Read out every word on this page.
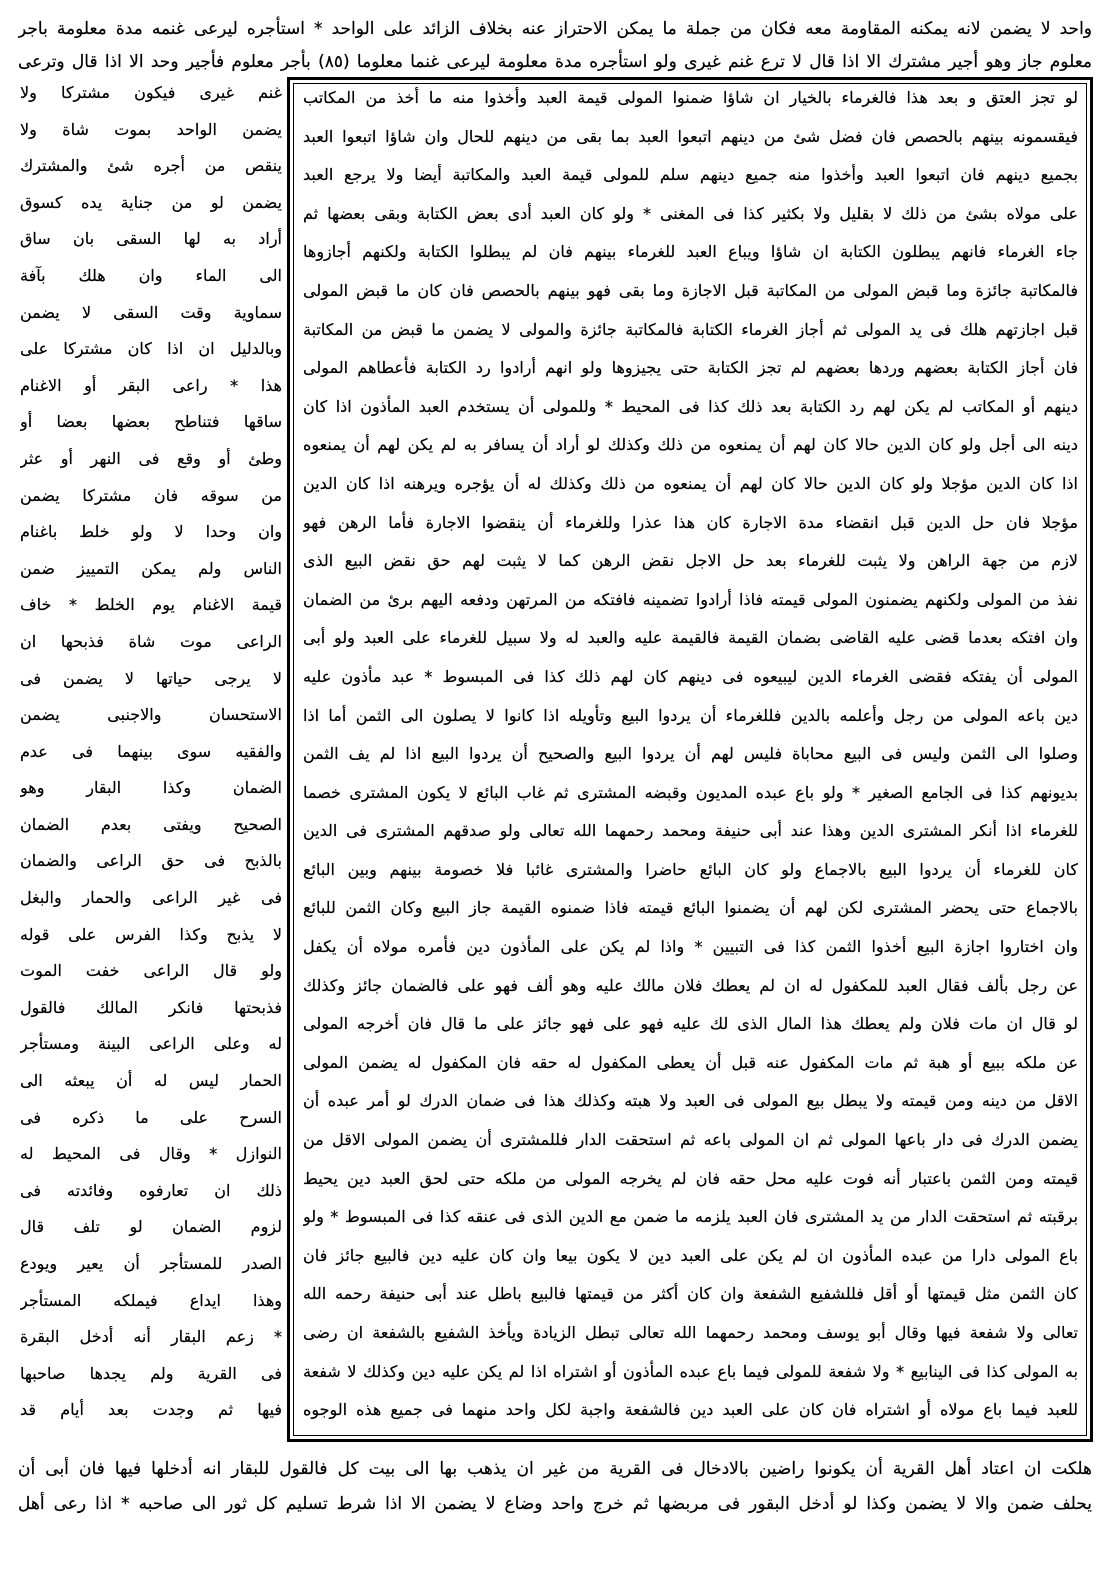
واحد لا يضمن لانه يمكنه المقاومة معه فكان من جملة ما يمكن الاحتراز عنه بخلاف الزائد على الواحد * استأجره ليرعى غنمه مدة معلومة باجر
معلوم جاز وهو أجير مشترك الا اذا قال لا ترع غنم غيرى ولو استأجره مدة معلومة ليرعى غنما معلوما (٨٥) بأجر معلوم فأجير وحد الا اذا قال وترعى
لو تجز العتق و بعد هذا فالغرماء بالخيار ان شاؤا ضمنوا المولى قيمة العبد وأخذوا منه ما أخذ من المكاتب
فيقسمونه بينهم بالحصص فان فضل شئ من دينهم اتبعوا العبد بما بقى من دينهم للحال وان شاؤا اتبعوا العبد
بجميع دينهم فان اتبعوا العبد وأخذوا منه جميع دينهم سلم للمولى قيمة العبد والمكاتبة أيضا ولا يرجع العبد
على مولاه بشئ من ذلك لا بقليل ولا بكثير كذا فى المغنى * ولو كان العبد أدى بعض الكتابة وبقى بعضها ثم
جاء الغرماء فانهم يبطلون الكتابة ان شاؤا ويباع العبد للغرماء بينهم فان لم يبطلوا الكتابة ولكنهم أجازوها
فالمكاتبة جائزة وما قبض المولى من المكاتبة قبل الاجازة وما بقى فهو بينهم بالحصص فان كان ما قبض المولى
قبل اجازتهم هلك فى يد المولى ثم أجاز الغرماء الكتابة فالمكاتبة جائزة والمولى لا يضمن ما قبض من المكاتبة
فان أجاز الكتابة بعضهم وردها بعضهم لم تجز الكتابة حتى يجيزوها ولو انهم أرادوا رد الكتابة فأعطاهم المولى
دينهم أو المكاتب لم يكن لهم رد الكتابة بعد ذلك كذا فى المحيط * وللمولى أن يستخدم العبد المأذون اذا كان
دينه الى أجل ولو كان الدين حالا كان لهم أن يمنعوه من ذلك وكذلك لو أراد أن يسافر به لم يكن لهم أن يمنعوه
اذا كان الدين مؤجلا ولو كان الدين حالا كان لهم أن يمنعوه من ذلك وكذلك له أن يؤجره ويرهنه اذا كان الدين
مؤجلا فان حل الدين قبل انقضاء مدة الاجارة كان هذا عذرا وللغرماء أن ينقضوا الاجارة فأما الرهن فهو
لازم من جهة الراهن ولا يثبت للغرماء بعد حل الاجل نقض الرهن كما لا يثبت لهم حق نقض البيع الذى
نفذ من المولى ولكنهم يضمنون المولى قيمته فاذا أرادوا تضمينه فافتكه من المرتهن ودفعه اليهم برئ من الضمان
وان افتكه بعدما قضى عليه القاضى بضمان القيمة فالقيمة عليه والعبد له ولا سبيل للغرماء على العبد ولو أبى
المولى أن يفتكه فقضى الغرماء الدين ليبيعوه فى دينهم كان لهم ذلك كذا فى المبسوط * عبد مأذون عليه
دين باعه المولى من رجل وأعلمه بالدين فللغرماء أن يردوا البيع وتأويله اذا كانوا لا يصلون الى الثمن أما اذا
وصلوا الى الثمن وليس فى البيع محاباة فليس لهم أن يردوا البيع والصحيح أن يردوا البيع اذا لم يف الثمن
بديونهم كذا فى الجامع الصغير * ولو باع عبده المديون وقبضه المشترى ثم غاب البائع لا يكون المشترى خصما
للغرماء اذا أنكر المشترى الدين وهذا عند أبى حنيفة ومحمد رحمهما الله تعالى ولو صدقهم المشترى فى الدين
كان للغرماء أن يردوا البيع بالاجماع ولو كان البائع حاضرا والمشترى غائبا فلا خصومة بينهم وبين البائع
بالاجماع حتى يحضر المشترى لكن لهم أن يضمنوا البائع قيمته فاذا ضمنوه القيمة جاز البيع وكان الثمن للبائع
وان اختاروا اجازة البيع أخذوا الثمن كذا فى التبيين * واذا لم يكن على المأذون دين فأمره مولاه أن يكفل
عن رجل بألف فقال العبد للمكفول له ان لم يعطك فلان مالك عليه وهو ألف فهو على فالضمان جائز وكذلك
لو قال ان مات فلان ولم يعطك هذا المال الذى لك عليه فهو على فهو جائز على ما قال فان أخرجه المولى
عن ملكه ببيع أو هبة ثم مات المكفول عنه قبل أن يعطى المكفول له حقه فان المكفول له يضمن المولى
الاقل من دينه ومن قيمته ولا يبطل بيع المولى فى العبد ولا هبته وكذلك هذا فى ضمان الدرك لو أمر عبده أن
يضمن الدرك فى دار باعها المولى ثم ان المولى باعه ثم استحقت الدار فللمشترى أن يضمن المولى الاقل من
قيمته ومن الثمن باعتبار أنه فوت عليه محل حقه فان لم يخرجه المولى من ملكه حتى لحق العبد دين يحيط
برقبته ثم استحقت الدار من يد المشترى فان العبد يلزمه ما ضمن مع الدين الذى فى عنقه كذا فى المبسوط * ولو
باع المولى دارا من عبده المأذون ان لم يكن على العبد دين لا يكون بيعا وان كان عليه دين فالبيع جائز فان
كان الثمن مثل قيمتها أو أقل فللشفيع الشفعة وان كان أكثر من قيمتها فالبيع باطل عند أبى حنيفة رحمه الله
تعالى ولا شفعة فيها وقال أبو يوسف ومحمد رحمهما الله تعالى تبطل الزيادة ويأخذ الشفيع بالشفعة ان رضى
به المولى كذا فى الينابيع * ولا شفعة للمولى فيما باع عبده المأذون أو اشتراه اذا لم يكن عليه دين وكذلك لا شفعة
للعبد فيما باع مولاه أو اشتراه فان كان على العبد دين فالشفعة واجبة لكل واحد منهما فى جميع هذه الوجوه
غنم غيرى فيكون مشتركا ولا
يضمن الواحد بموت شاة ولا
ينقص من أجره شئ والمشترك
يضمن لو من جناية يده كسوق
أراد به لها السقى بان ساق
الى الماء وان هلك بآفة
سماوية وقت السقى لا يضمن
وبالدليل ان اذا كان مشتركا على
هذا * راعى البقر أو الاغنام
ساقها فتناطح بعضها بعضا أو
وطئ أو وقع فى النهر أو عثر
من سوقه فان مشتركا يضمن
وان وحدا لا ولو خلط باغنام
الناس ولم يمكن التمييز ضمن
قيمة الاغنام يوم الخلط * خاف
الراعى موت شاة فذبحها ان
لا يرجى حياتها لا يضمن فى
الاستحسان والاجنبى يضمن
والفقيه سوى بينهما فى عدم
الضمان وكذا البقار وهو
الصحيح ويفتى بعدم الضمان
بالذبح فى حق الراعى والضمان
فى غير الراعى والحمار والبغل
لا يذبح وكذا الفرس على قوله
ولو قال الراعى خفت الموت
فذبحتها فانكر المالك فالقول
له وعلى الراعى البينة ومستأجر
الحمار ليس له أن يبعثه الى
السرح على ما ذكره فى
النوازل * وقال فى المحيط له
ذلك ان تعارفوه وفائدته فى
لزوم الضمان لو تلف قال
الصدر للمستأجر أن يعير ويودع
وهذا ايداع فيملكه المستأجر
* زعم البقار أنه أدخل البقرة
فى القرية ولم يجدها صاحبها
فيها ثم وجدت بعد أيام قد
هلكت ان اعتاد أهل القرية أن يكونوا راضين بالادخال فى القرية من غير ان يذهب بها الى بيت كل فالقول للبقار انه أدخلها فيها فان أبى أن
يحلف ضمن والا لا يضمن وكذا لو أدخل البقور فى مربضها ثم خرج واحد وضاع لا يضمن الا اذا شرط تسليم كل ثور الى صاحبه * اذا رعى أهل
